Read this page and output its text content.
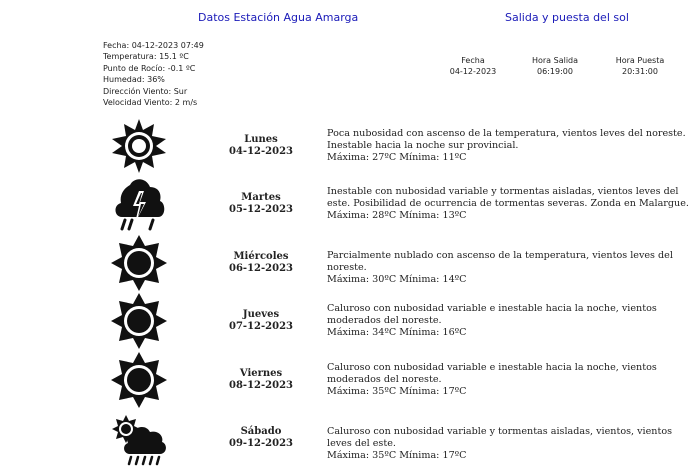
Datos Estación Agua Amarga	Salida y puesta del sol
Fecha: 04-12-2023 07:49
Temperatura: 15.1 ºC
Punto de Rocío: -0.1 ºC
Humedad: 36%
Dirección Viento: Sur
Velocidad Viento: 2 m/s
Fecha
04-12-2023
Hora Salida
06:19:00
Hora Puesta
20:31:00
Lunes
04-12-2023
Poca nubosidad con ascenso de la temperatura, vientos leves del noreste. Inestable hacia la noche sur provincial.
Máxima: 27ºC Mínima: 11ºC
Martes
05-12-2023
Inestable con nubosidad variable y tormentas aisladas, vientos leves del este. Posibilidad de ocurrencia de tormentas severas. Zonda en Malargue.
Máxima: 28ºC Mínima: 13ºC
Miércoles
06-12-2023
Parcialmente nublado con ascenso de la temperatura, vientos leves del noreste.
Máxima: 30ºC Mínima: 14ºC
Jueves
07-12-2023
Caluroso con nubosidad variable e inestable hacia la noche, vientos moderados del noreste.
Máxima: 34ºC Mínima: 16ºC
Viernes
08-12-2023
Caluroso con nubosidad variable e inestable hacia la noche, vientos moderados del noreste.
Máxima: 35ºC Mínima: 17ºC
Sábado
09-12-2023
Caluroso con nubosidad variable y tormentas aisladas, vientos, vientos leves del este.
Máxima: 35ºC Mínima: 17ºC
